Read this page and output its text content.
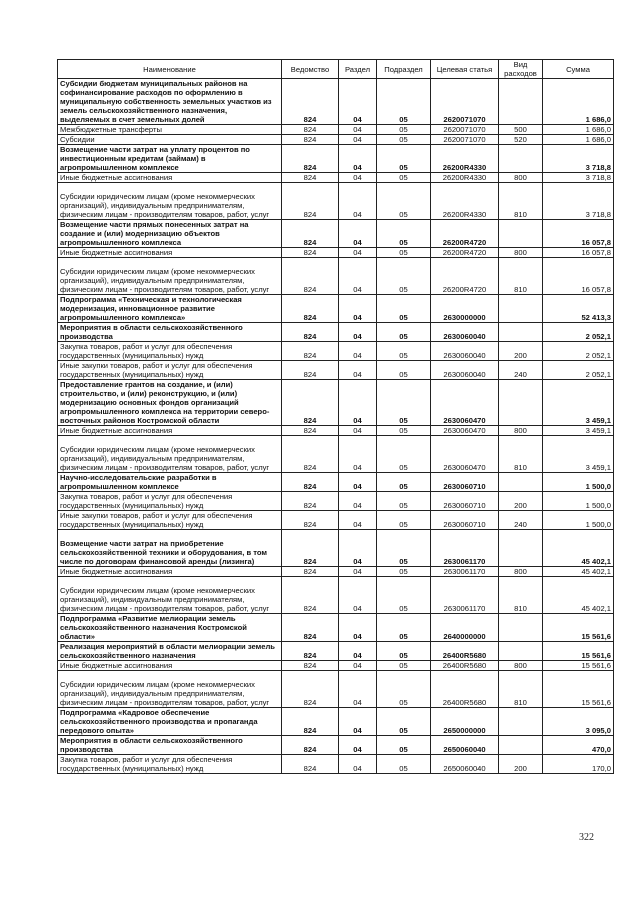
Наименование	Ведомство	Раздел	Подраздел	Целевая статья	Вид расходов	Сумма
Субсидии бюджетам муниципальных районов на софинансирование расходов по оформлению в муниципальную собственность земельных участков из земель сельскохозяйственного назначения, выделяемых в счет земельных долей	824	04	05	2620071070		1 686,0
Межбюджетные трансферты	824	04	05	2620071070	500	1 686,0
Субсидии	824	04	05	2620071070	520	1 686,0
Возмещение части затрат на уплату процентов по инвестиционным кредитам (займам) в агропромышленном комплексе	824	04	05	26200R4330		3 718,8
Иные бюджетные ассигнования	824	04	05	26200R4330	800	3 718,8
Субсидии юридическим лицам (кроме некоммерческих организаций), индивидуальным предпринимателям, физическим лицам - производителям товаров, работ, услуг	824	04	05	26200R4330	810	3 718,8
Возмещение части прямых понесенных затрат на создание и (или) модернизацию объектов агропромышленного комплекса	824	04	05	26200R4720		16 057,8
Иные бюджетные ассигнования	824	04	05	26200R4720	800	16 057,8
Субсидии юридическим лицам (кроме некоммерческих организаций), индивидуальным предпринимателям, физическим лицам - производителям товаров, работ, услуг	824	04	05	26200R4720	810	16 057,8
Подпрограмма «Техническая и технологическая модернизация, инновационное развитие агропромышленного комплекса»	824	04	05	2630000000		52 413,3
Мероприятия в области сельскохозяйственного производства	824	04	05	2630060040		2 052,1
Закупка товаров, работ и услуг для обеспечения государственных (муниципальных) нужд	824	04	05	2630060040	200	2 052,1
Иные закупки товаров, работ и услуг для обеспечения государственных (муниципальных) нужд	824	04	05	2630060040	240	2 052,1
Предоставление грантов на создание, и (или) строительство, и (или) реконструкцию, и (или) модернизацию основных фондов организаций агропромышленного комплекса на территории северо-восточных районов Костромской области	824	04	05	2630060470		3 459,1
Иные бюджетные ассигнования	824	04	05	2630060470	800	3 459,1
Субсидии юридическим лицам (кроме некоммерческих организаций), индивидуальным предпринимателям, физическим лицам - производителям товаров, работ, услуг	824	04	05	2630060470	810	3 459,1
Научно-исследовательские разработки в агропромышленном комплексе	824	04	05	2630060710		1 500,0
Закупка товаров, работ и услуг для обеспечения государственных (муниципальных) нужд	824	04	05	2630060710	200	1 500,0
Иные закупки товаров, работ и услуг для обеспечения государственных (муниципальных) нужд	824	04	05	2630060710	240	1 500,0
Возмещение части затрат на приобретение сельскохозяйственной техники и оборудования, в том числе по договорам финансовой аренды (лизинга)	824	04	05	2630061170		45 402,1
Иные бюджетные ассигнования	824	04	05	2630061170	800	45 402,1
Субсидии юридическим лицам (кроме некоммерческих организаций), индивидуальным предпринимателям, физическим лицам - производителям товаров, работ, услуг	824	04	05	2630061170	810	45 402,1
Подпрограмма «Развитие мелиорации земель сельскохозяйственного назначения Костромской области»	824	04	05	2640000000		15 561,6
Реализация мероприятий в области мелиорации земель сельскохозяйственного назначения	824	04	05	26400R5680		15 561,6
Иные бюджетные ассигнования	824	04	05	26400R5680	800	15 561,6
Субсидии юридическим лицам (кроме некоммерческих организаций), индивидуальным предпринимателям, физическим лицам - производителям товаров, работ, услуг	824	04	05	26400R5680	810	15 561,6
Подпрограмма «Кадровое обеспечение сельскохозяйственного производства и пропаганда передового опыта»	824	04	05	2650000000		3 095,0
Мероприятия в области сельскохозяйственного производства	824	04	05	2650060040		470,0
Закупка товаров, работ и услуг для обеспечения государственных (муниципальных) нужд	824	04	05	2650060040	200	170,0
322
